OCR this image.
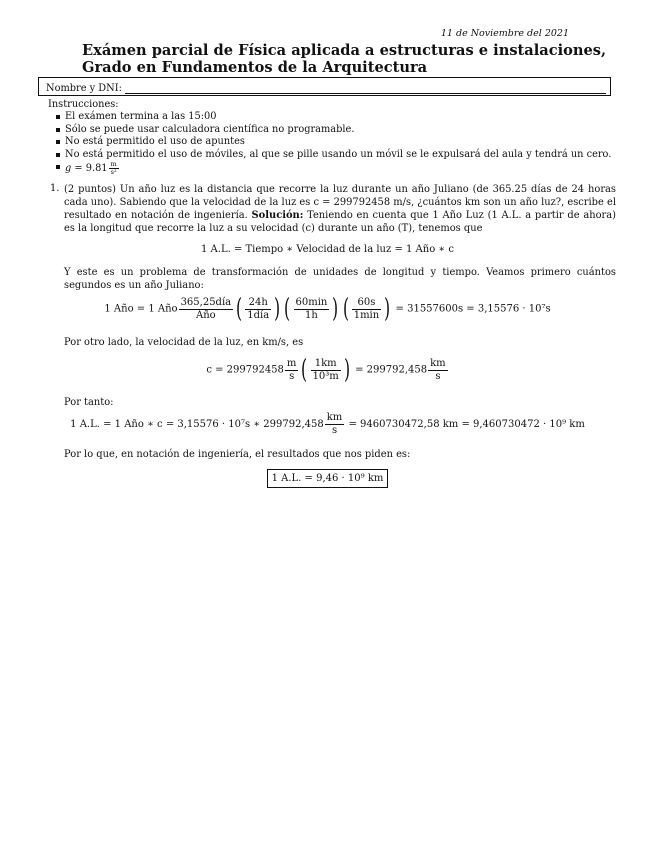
11 de Noviembre del 2021
Exámen parcial de Física aplicada a estructuras e instalaciones,
Grado en Fundamentos de la Arquitectura
Nombre y DNI:
Instrucciones:
El exámen termina a las 15:00
Sólo se puede usar calculadora científica no programable.
No está permitido el uso de apuntes
No está permitido el uso de móviles, al que se pille usando un móvil se le expulsará del aula y tendrá un cero.
$g = 9.81 \frac{m}{\text{s²}}$
1. (2 puntos) Un año luz es la distancia que recorre la luz durante un año Juliano (de 365.25 días de 24 horas cada uno). Sabiendo que la velocidad de la luz es c = 299792458 m/s, ¿cuántos km son un año luz?, escribe el resultado en notación de ingeniería. Solución: Teniendo en cuenta que 1 Año Luz (1 A.L. a partir de ahora) es la longitud que recorre la luz a su velocidad (c) durante un año (T), tenemos que
1 A.L. = Tiempo ∗ Velocidad de la luz = 1 Año ∗ c
Y este es un problema de transformación de unidades de longitud y tiempo. Veamos primero cuántos segundos es un año Juliano:
1 Año = 1 Año $\frac{\text{365,25día}}{\text{Año}}$ ( $\frac{24h}{\text{1día}}$ ) ( $\frac{60\min}{1h}$ ) ( $\frac{60s}{1\min}$ ) = 31557600s = 3,15576 · 10⁷s
Por otro lado, la velocidad de la luz, en km/s, es
$c = 299792458 \frac{m}{s}$ ( $\frac{1km}{\text{10³m}}$ ) = $299792,458 \frac{km}{s}$
Por tanto:
1 A.L. = 1 Año ∗ c = 3,15576 · 10⁷s ∗ $299792,458 \frac{km}{s} = 9460730472,58$ km = 9,460730472 · 10⁹ km
Por lo que, en notación de ingeniería, el resultados que nos piden es:
1 A.L. = 9,46 · 10⁹ km
